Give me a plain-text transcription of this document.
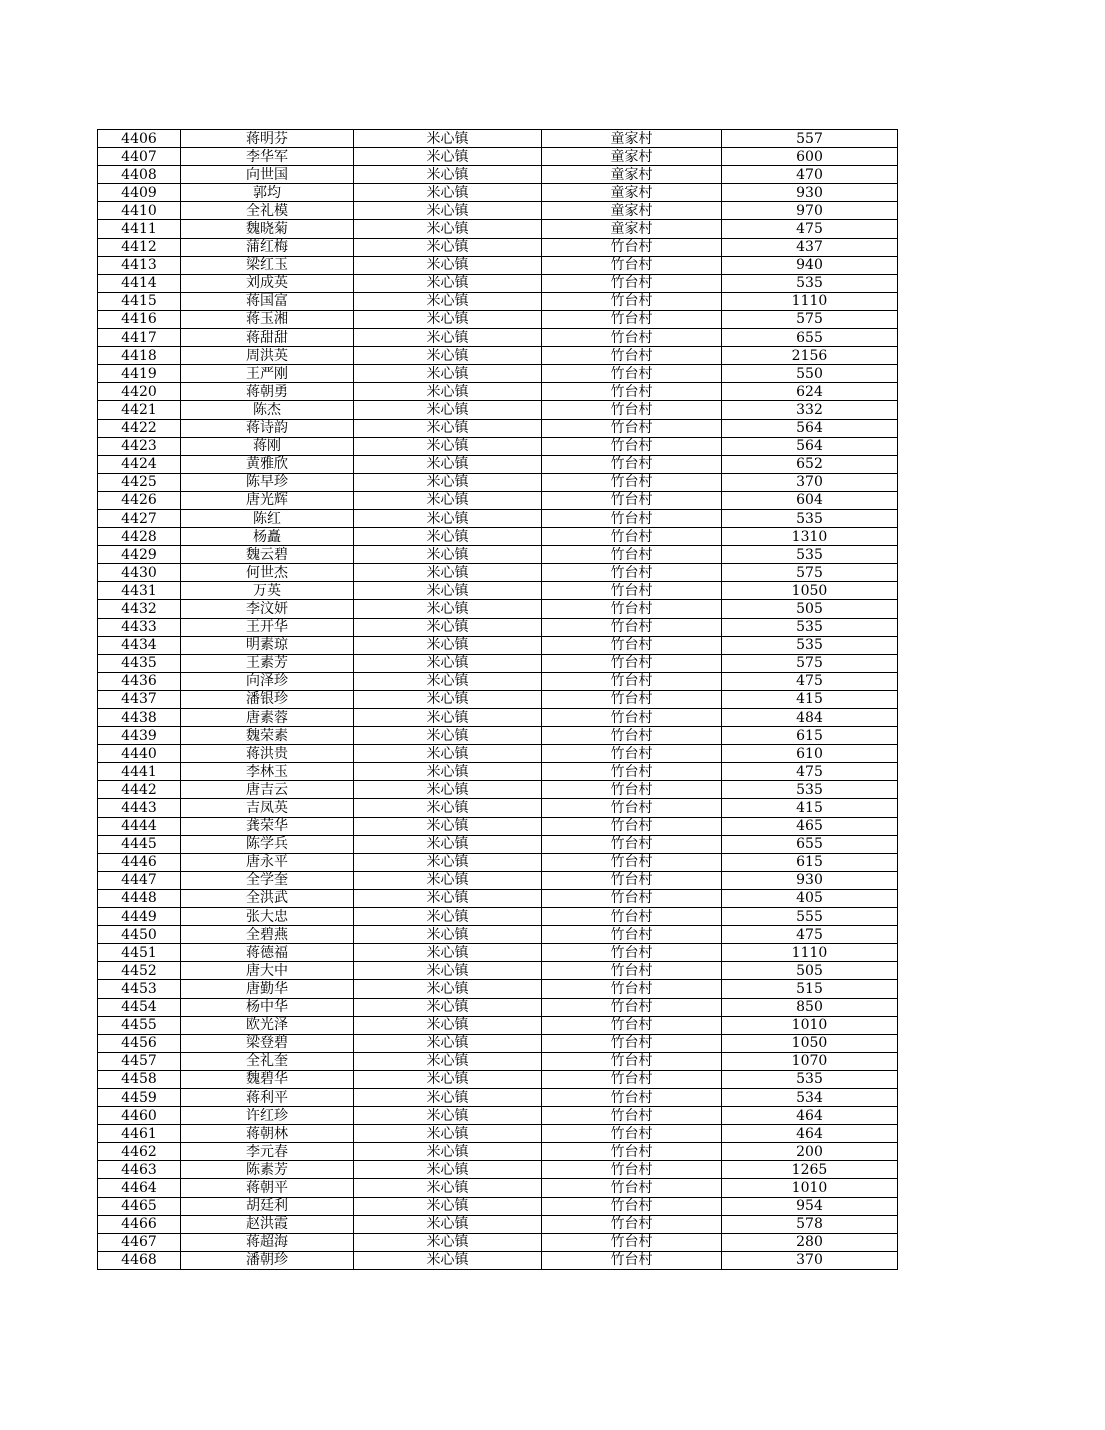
4406	蒋明芬	米心镇	童家村	557
4407	李华军	米心镇	童家村	600
4408	向世国	米心镇	童家村	470
4409	郭均	米心镇	童家村	930
4410	全礼模	米心镇	童家村	970
4411	魏晓菊	米心镇	童家村	475
4412	蒲红梅	米心镇	竹台村	437
4413	梁红玉	米心镇	竹台村	940
4414	刘成英	米心镇	竹台村	535
4415	蒋国富	米心镇	竹台村	1110
4416	蒋玉湘	米心镇	竹台村	575
4417	蒋甜甜	米心镇	竹台村	655
4418	周洪英	米心镇	竹台村	2156
4419	王严刚	米心镇	竹台村	550
4420	蒋朝勇	米心镇	竹台村	624
4421	陈杰	米心镇	竹台村	332
4422	蒋诗韵	米心镇	竹台村	564
4423	蒋刚	米心镇	竹台村	564
4424	黄雅欣	米心镇	竹台村	652
4425	陈早珍	米心镇	竹台村	370
4426	唐光辉	米心镇	竹台村	604
4427	陈红	米心镇	竹台村	535
4428	杨矗	米心镇	竹台村	1310
4429	魏云碧	米心镇	竹台村	535
4430	何世杰	米心镇	竹台村	575
4431	万英	米心镇	竹台村	1050
4432	李汶妍	米心镇	竹台村	505
4433	王开华	米心镇	竹台村	535
4434	明素琼	米心镇	竹台村	535
4435	王素芳	米心镇	竹台村	575
4436	向泽珍	米心镇	竹台村	475
4437	潘银珍	米心镇	竹台村	415
4438	唐素蓉	米心镇	竹台村	484
4439	魏荣素	米心镇	竹台村	615
4440	蒋洪贵	米心镇	竹台村	610
4441	李林玉	米心镇	竹台村	475
4442	唐吉云	米心镇	竹台村	535
4443	吉凤英	米心镇	竹台村	415
4444	龚荣华	米心镇	竹台村	465
4445	陈学兵	米心镇	竹台村	655
4446	唐永平	米心镇	竹台村	615
4447	全学奎	米心镇	竹台村	930
4448	全洪武	米心镇	竹台村	405
4449	张大忠	米心镇	竹台村	555
4450	全碧燕	米心镇	竹台村	475
4451	蒋德福	米心镇	竹台村	1110
4452	唐大中	米心镇	竹台村	505
4453	唐勤华	米心镇	竹台村	515
4454	杨中华	米心镇	竹台村	850
4455	欧光泽	米心镇	竹台村	1010
4456	梁登碧	米心镇	竹台村	1050
4457	全礼奎	米心镇	竹台村	1070
4458	魏碧华	米心镇	竹台村	535
4459	蒋利平	米心镇	竹台村	534
4460	许红珍	米心镇	竹台村	464
4461	蒋朝林	米心镇	竹台村	464
4462	李元春	米心镇	竹台村	200
4463	陈素芳	米心镇	竹台村	1265
4464	蒋朝平	米心镇	竹台村	1010
4465	胡廷利	米心镇	竹台村	954
4466	赵洪霞	米心镇	竹台村	578
4467	蒋超海	米心镇	竹台村	280
4468	潘朝珍	米心镇	竹台村	370
